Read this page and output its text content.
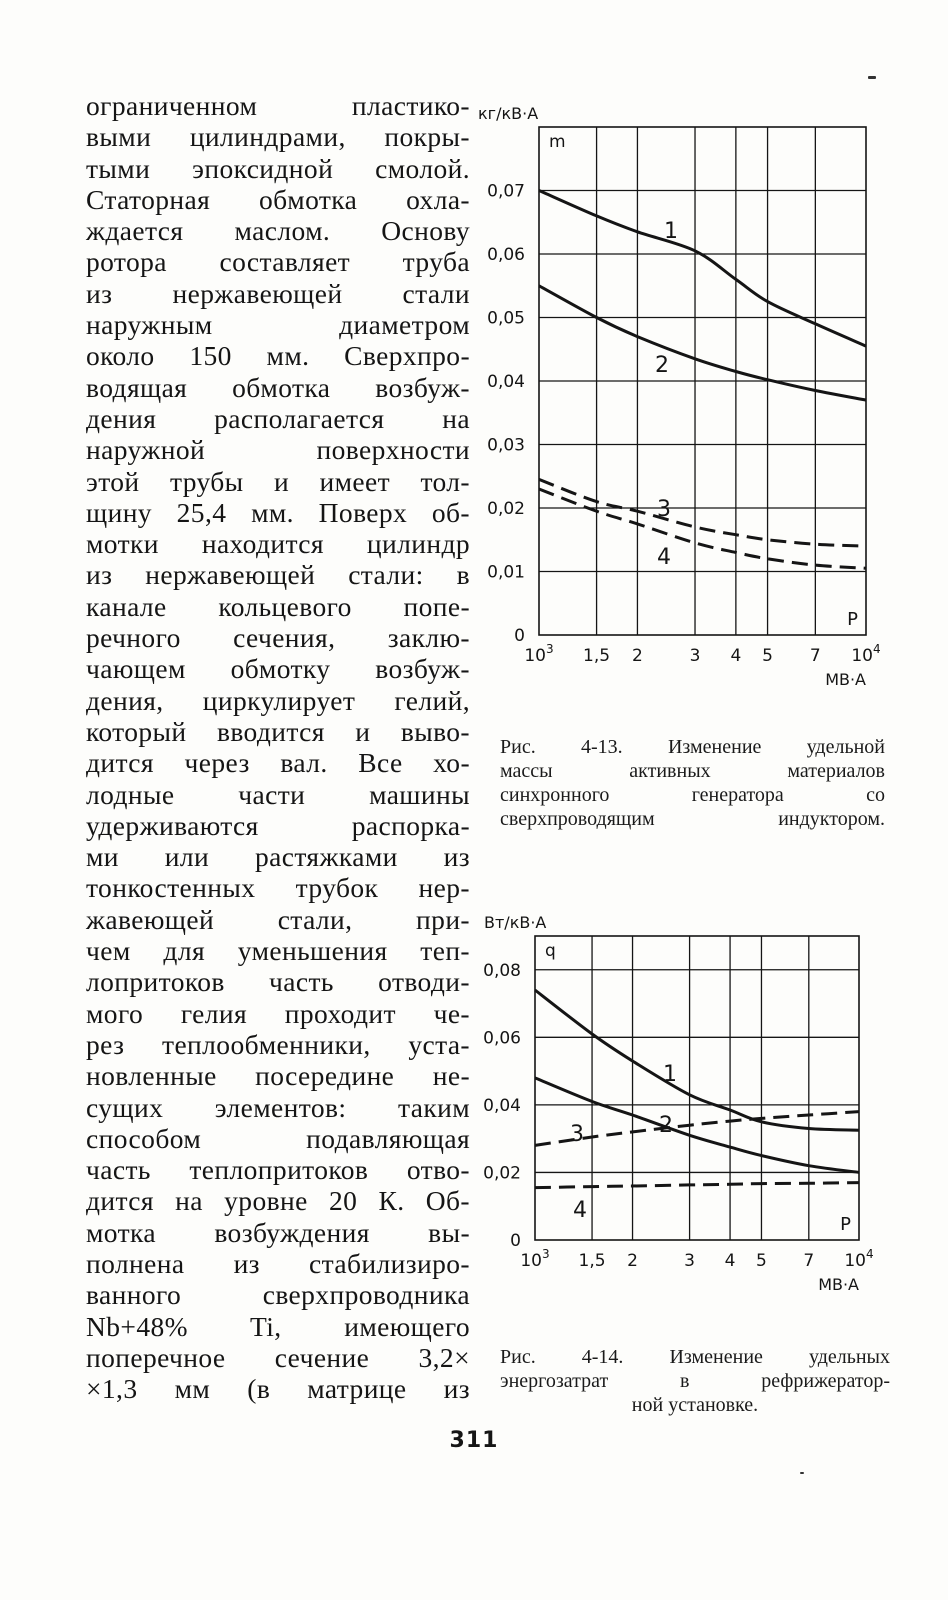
ограниченном пластико-
выми цилиндрами, покры-
тыми эпоксидной смолой.
Статорная обмотка охла-
ждается маслом. Основу
ротора составляет труба
из нержавеющей стали
наружным диаметром
около 150 мм. Сверхпро-
водящая обмотка возбуж-
дения располагается на
наружной поверхности
этой трубы и имеет тол-
щину 25,4 мм. Поверх об-
мотки находится цилиндр
из нержавеющей стали: в
канале кольцевого попе-
речного сечения, заклю-
чающем обмотку возбуж-
дения, циркулирует гелий,
который вводится и выво-
дится через вал. Все хо-
лодные части машины
удерживаются распорка-
ми или растяжками из
тонкостенных трубок нер-
жавеющей стали, при-
чем для уменьшения теп-
лопритоков часть отводи-
мого гелия проходит че-
рез теплообменники, уста-
новленные посередине не-
сущих элементов: таким
способом подавляющая
часть теплопритоков отво-
дится на уровне 20 К. Об-
мотка возбуждения вы-
полнена из стабилизиро-
ванного сверхпроводника
Nb+48% Ti, имеющего
поперечное сечение 3,2×
×1,3 мм (в матрице из
$10^3$ 1,5 2	3 4 5 7 $10^4$
0
0,01
0,02
0,03
0,04
0,05
0,06
0,07
кг/кВ·А
МВ·А
m
P
1
2
3
4
Рис. 4-13. Изменение удельной
массы активных материалов
синхронного генератора со
сверхпроводящим индуктором.
$10^3$ 1,5 2	3 4 5 7 $10^4$
0
0,02
0,04
0,06
0,08
Вт/кВ·А
МВ·А
q
P
1
2
3
4
Рис. 4-14. Изменение удельных
энергозатрат в рефрижератор-
ной установке.
311
